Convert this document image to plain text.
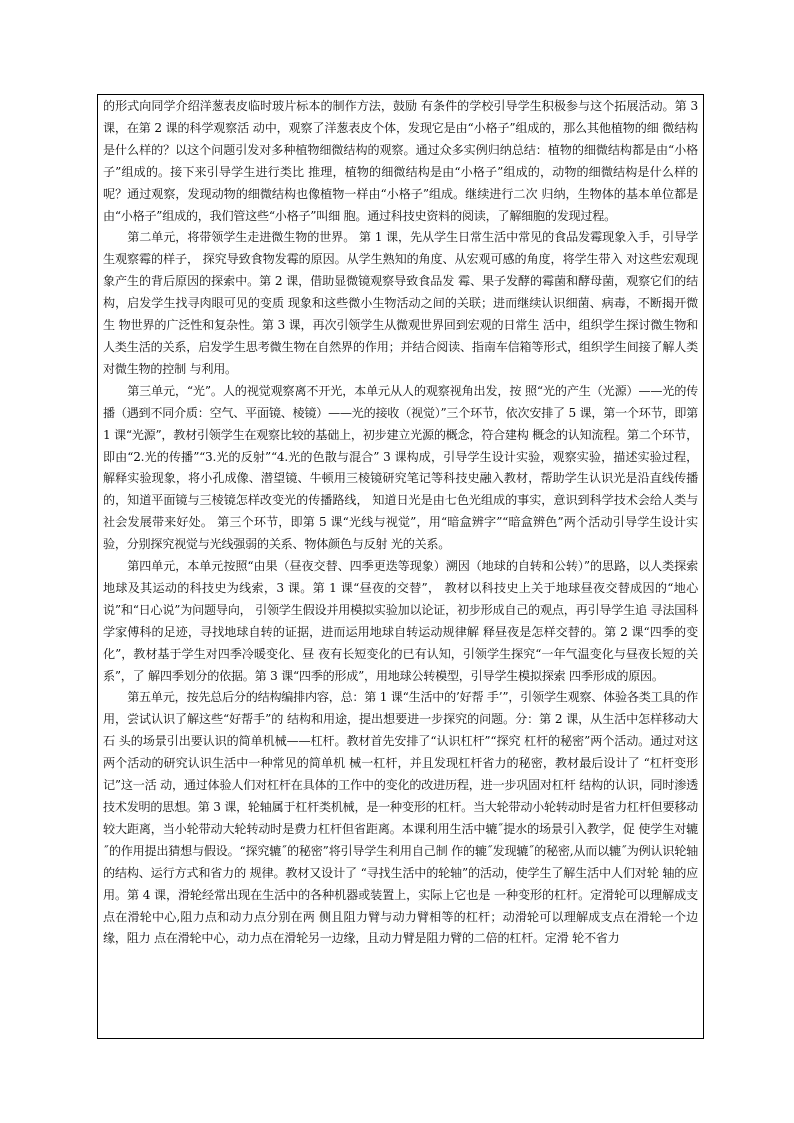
的形式向同学介绍洋葱表皮临时玻片标本的制作方法，鼓励 有条件的学校引导学生积极参与这个拓展活动。第 3 课，在第 2 课的科学观察活 动中，观察了洋葱表皮个体，发现它是由“小格子”组成的，那么其他植物的细 微结构是什么样的？以这个问题引发对多种植物细微结构的观察。通过众多实例归纳总结：植物的细微结构都是由“小格子”组成的。接下来引导学生进行类比 推理，植物的细微结构是由“小格子”组成的，动物的细微结构是什么样的呢？通过观察，发现动物的细微结构也像植物一样由“小格子”组成。继续进行二次 归纳，生物体的基本单位都是由“小格子”组成的，我们管这些“小格子”叫细 胞。通过科技史资料的阅读，了解细胞的发现过程。

第二单元，将带领学生走进微生物的世界。 第 1 课，先从学生日常生活中常见的食品发霉现象入手，引导学生观察霉的样子， 探究导致食物发霉的原因。从学生熟知的角度、从宏观可感的角度，将学生带入 对这些宏观现象产生的背后原因的探索中。第 2 课，借助显微镜观察导致食品发 霉、果子发酵的霉菌和酵母菌，观察它们的结构，启发学生找寻肉眼可见的变质 现象和这些微小生物活动之间的关联；进而继续认识细菌、病毒，不断揭开微生 物世界的广泛性和复杂性。第 3 课，再次引领学生从微观世界回到宏观的日常生 活中，组织学生探讨微生物和人类生活的关系，启发学生思考微生物在自然界的作用；并结合阅读、指南车信箱等形式，组织学生间接了解人类对微生物的控制 与利用。

第三单元，“光”。人的视觉观察离不开光，本单元从人的观察视角出发，按 照“光的产生（光源）——光的传播（遇到不同介质：空气、平面镜、棱镜）——光的接收（视觉）”三个环节，依次安排了 5 课，第一个环节，即第 1 课“光源”，教材引领学生在观察比较的基础上，初步建立光源的概念，符合建构 概念的认知流程。第二个环节，即由“2.光的传播”“3.光的反射”“4.光的色散与混合” 3 课构成，引导学生设计实验，观察实验，描述实验过程， 解释实验现象，将小孔成像、潜望镜、牛顿用三棱镜研究笔记等科技史融入教材，帮助学生认识光是沿直线传播的，知道平面镜与三棱镜怎样改变光的传播路线， 知道日光是由七色光组成的事实，意识到科学技术会给人类与社会发展带来好处。 第三个环节，即第 5 课“光线与视觉”，用“暗盒辨字”“暗盒辨色”两个活动引导学生设计实验，分别探究视觉与光线强弱的关系、物体颜色与反射 光的关系。

第四单元，本单元按照“由果（昼夜交替、四季更迭等现象）溯因（地球的自转和公转）”的思路，以人类探索地球及其运动的科技史为线索，3 课。第 1 课“昼夜的交替”， 教材以科技史上关于地球昼夜交替成因的“地心说”和“日心说”为问题导向， 引领学生假设并用模拟实验加以论证，初步形成自己的观点，再引导学生追 寻法国科学家傅科的足迹，寻找地球自转的证据，进而运用地球自转运动规律解 释昼夜是怎样交替的。第 2 课“四季的变化”，教材基于学生对四季冷暖变化、昼 夜有长短变化的已有认知，引领学生探究“一年气温变化与昼夜长短的关系”，了 解四季划分的依据。第 3 课“四季的形成”，用地球公转模型，引导学生模拟探索 四季形成的原因。

第五单元，按先总后分的结构编排内容，总：第 1 课“生活中的’好帮 手’”，引领学生观察、体验各类工具的作用，尝试认识了解这些“好帮手”的 结构和用途，提出想要进一步探究的问题。分：第 2 课，从生活中怎样移动大石 头的场景引出要认识的简单机械——杠杆。教材首先安排了“认识杠杆”“探究 杠杆的秘密”两个活动。通过对这两个活动的研究认识生活中一种常见的简单机 械一杠杆，并且发现杠杆省力的秘密，教材最后设计了 “杠杆变形记”这一活 动，通过体验人们对杠杆在具体的工作中的变化的改进历程，进一步巩固对杠杆 结构的认识，同时渗透技术发明的思想。第 3 课，轮轴属于杠杆类机械，是一种变形的杠杆。当大轮带动小轮转动时是省力杠杆但要移动较大距离，当小轮带动大轮转动时是费力杠杆但省距离。本课利用生活中辘˝提水的场景引入教学，促 使学生对辘˝的作用提出猜想与假设。“探究辘˝的秘密”将引导学生利用自己制 作的辘˝发现辘˝的秘密,从而以辘˝为例认识轮轴的结构、运行方式和省力的 规律。教材又设计了 “寻找生活中的轮轴”的活动，使学生了解生活中人们对轮 轴的应用。第 4 课，滑轮经常出现在生活中的各种机器或装置上，实际上它也是 一种变形的杠杆。定滑轮可以理解成支点在滑轮中心,阻力点和动力点分别在两 侧且阻力臂与动力臂相等的杠杆；动滑轮可以理解成支点在滑轮一个边缘，阻力 点在滑轮中心，动力点在滑轮另一边缘，且动力臂是阻力臂的二倍的杠杆。定滑 轮不省力
